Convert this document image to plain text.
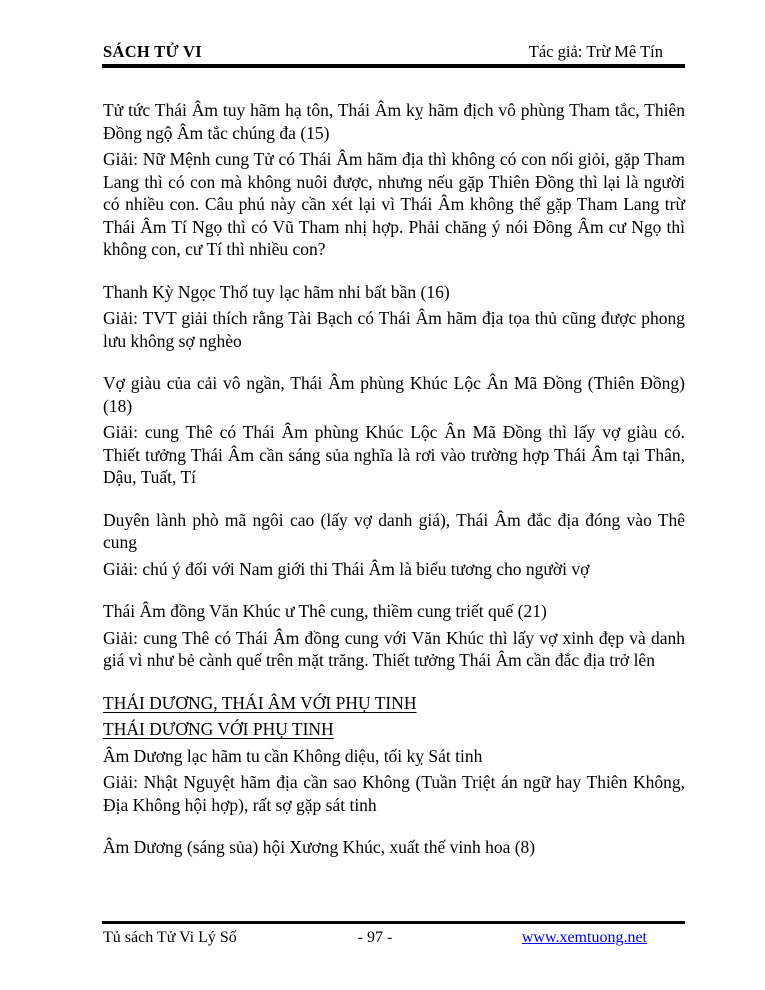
SÁCH TỬ VI	Tác giả: Trừ Mê Tín

Tử tức Thái Âm tuy hãm hạ tôn, Thái Âm kỵ hãm địch vô phùng Tham tắc, Thiên Đồng ngộ Âm tắc chúng đa (15)

Giải: Nữ Mệnh cung Tử có Thái Âm hãm địa thì không có con nối giỏi, gặp Tham Lang thì có con mà không nuôi được, nhưng nếu gặp Thiên Đồng thì lại là người có nhiều con. Câu phú này cần xét lại vì Thái Âm không thể gặp Tham Lang trừ Thái Âm Tí Ngọ thì có Vũ Tham nhị hợp. Phải chăng ý nói Đồng Âm cư Ngọ thì không con, cư Tí thì nhiều con?

Thanh Kỳ Ngọc Thố tuy lạc hãm nhi bất bần (16)

Giải: TVT giải thích rằng Tài Bạch có Thái Âm hãm địa tọa thủ cũng được phong lưu không sợ nghèo

Vợ giàu của cải vô ngần, Thái Âm phùng Khúc Lộc Ân Mã Đồng (Thiên Đồng) (18)

Giải: cung Thê có Thái Âm phùng Khúc Lộc Ân Mã Đồng thì lấy vợ giàu có. Thiết tưởng Thái Âm cần sáng sủa nghĩa là rơi vào trường hợp Thái Âm tại Thân, Dậu, Tuất, Tí

Duyên lành phò mã ngôi cao (lấy vợ danh giá), Thái Âm đắc địa đóng vào Thê cung

Giải: chú ý đối với Nam giới thi Thái Âm là biểu tương cho người vợ

Thái Âm đồng Văn Khúc ư Thê cung, thiềm cung triết quế (21)

Giải: cung Thê có Thái Âm đồng cung với Văn Khúc thì lấy vợ xinh đẹp và danh giá vì như bẻ cành quế trên mặt trăng. Thiết tưởng Thái Âm cần đắc địa trở lên

THÁI DƯƠNG, THÁI ÂM VỚI PHỤ TINH

THÁI DƯƠNG VỚI PHỤ TINH

Âm Dương lạc hãm tu cần Không diệu, tối kỵ Sát tinh

Giải: Nhật Nguyệt hãm địa cần sao Không (Tuần Triệt án ngữ hay Thiên Không, Địa Không hội hợp), rất sợ gặp sát tinh

Âm Dương (sáng sủa) hội Xương Khúc, xuất thế vinh hoa (8)

Tủ sách Tử Vi Lý Số	- 97 -	www.xemtuong.net
